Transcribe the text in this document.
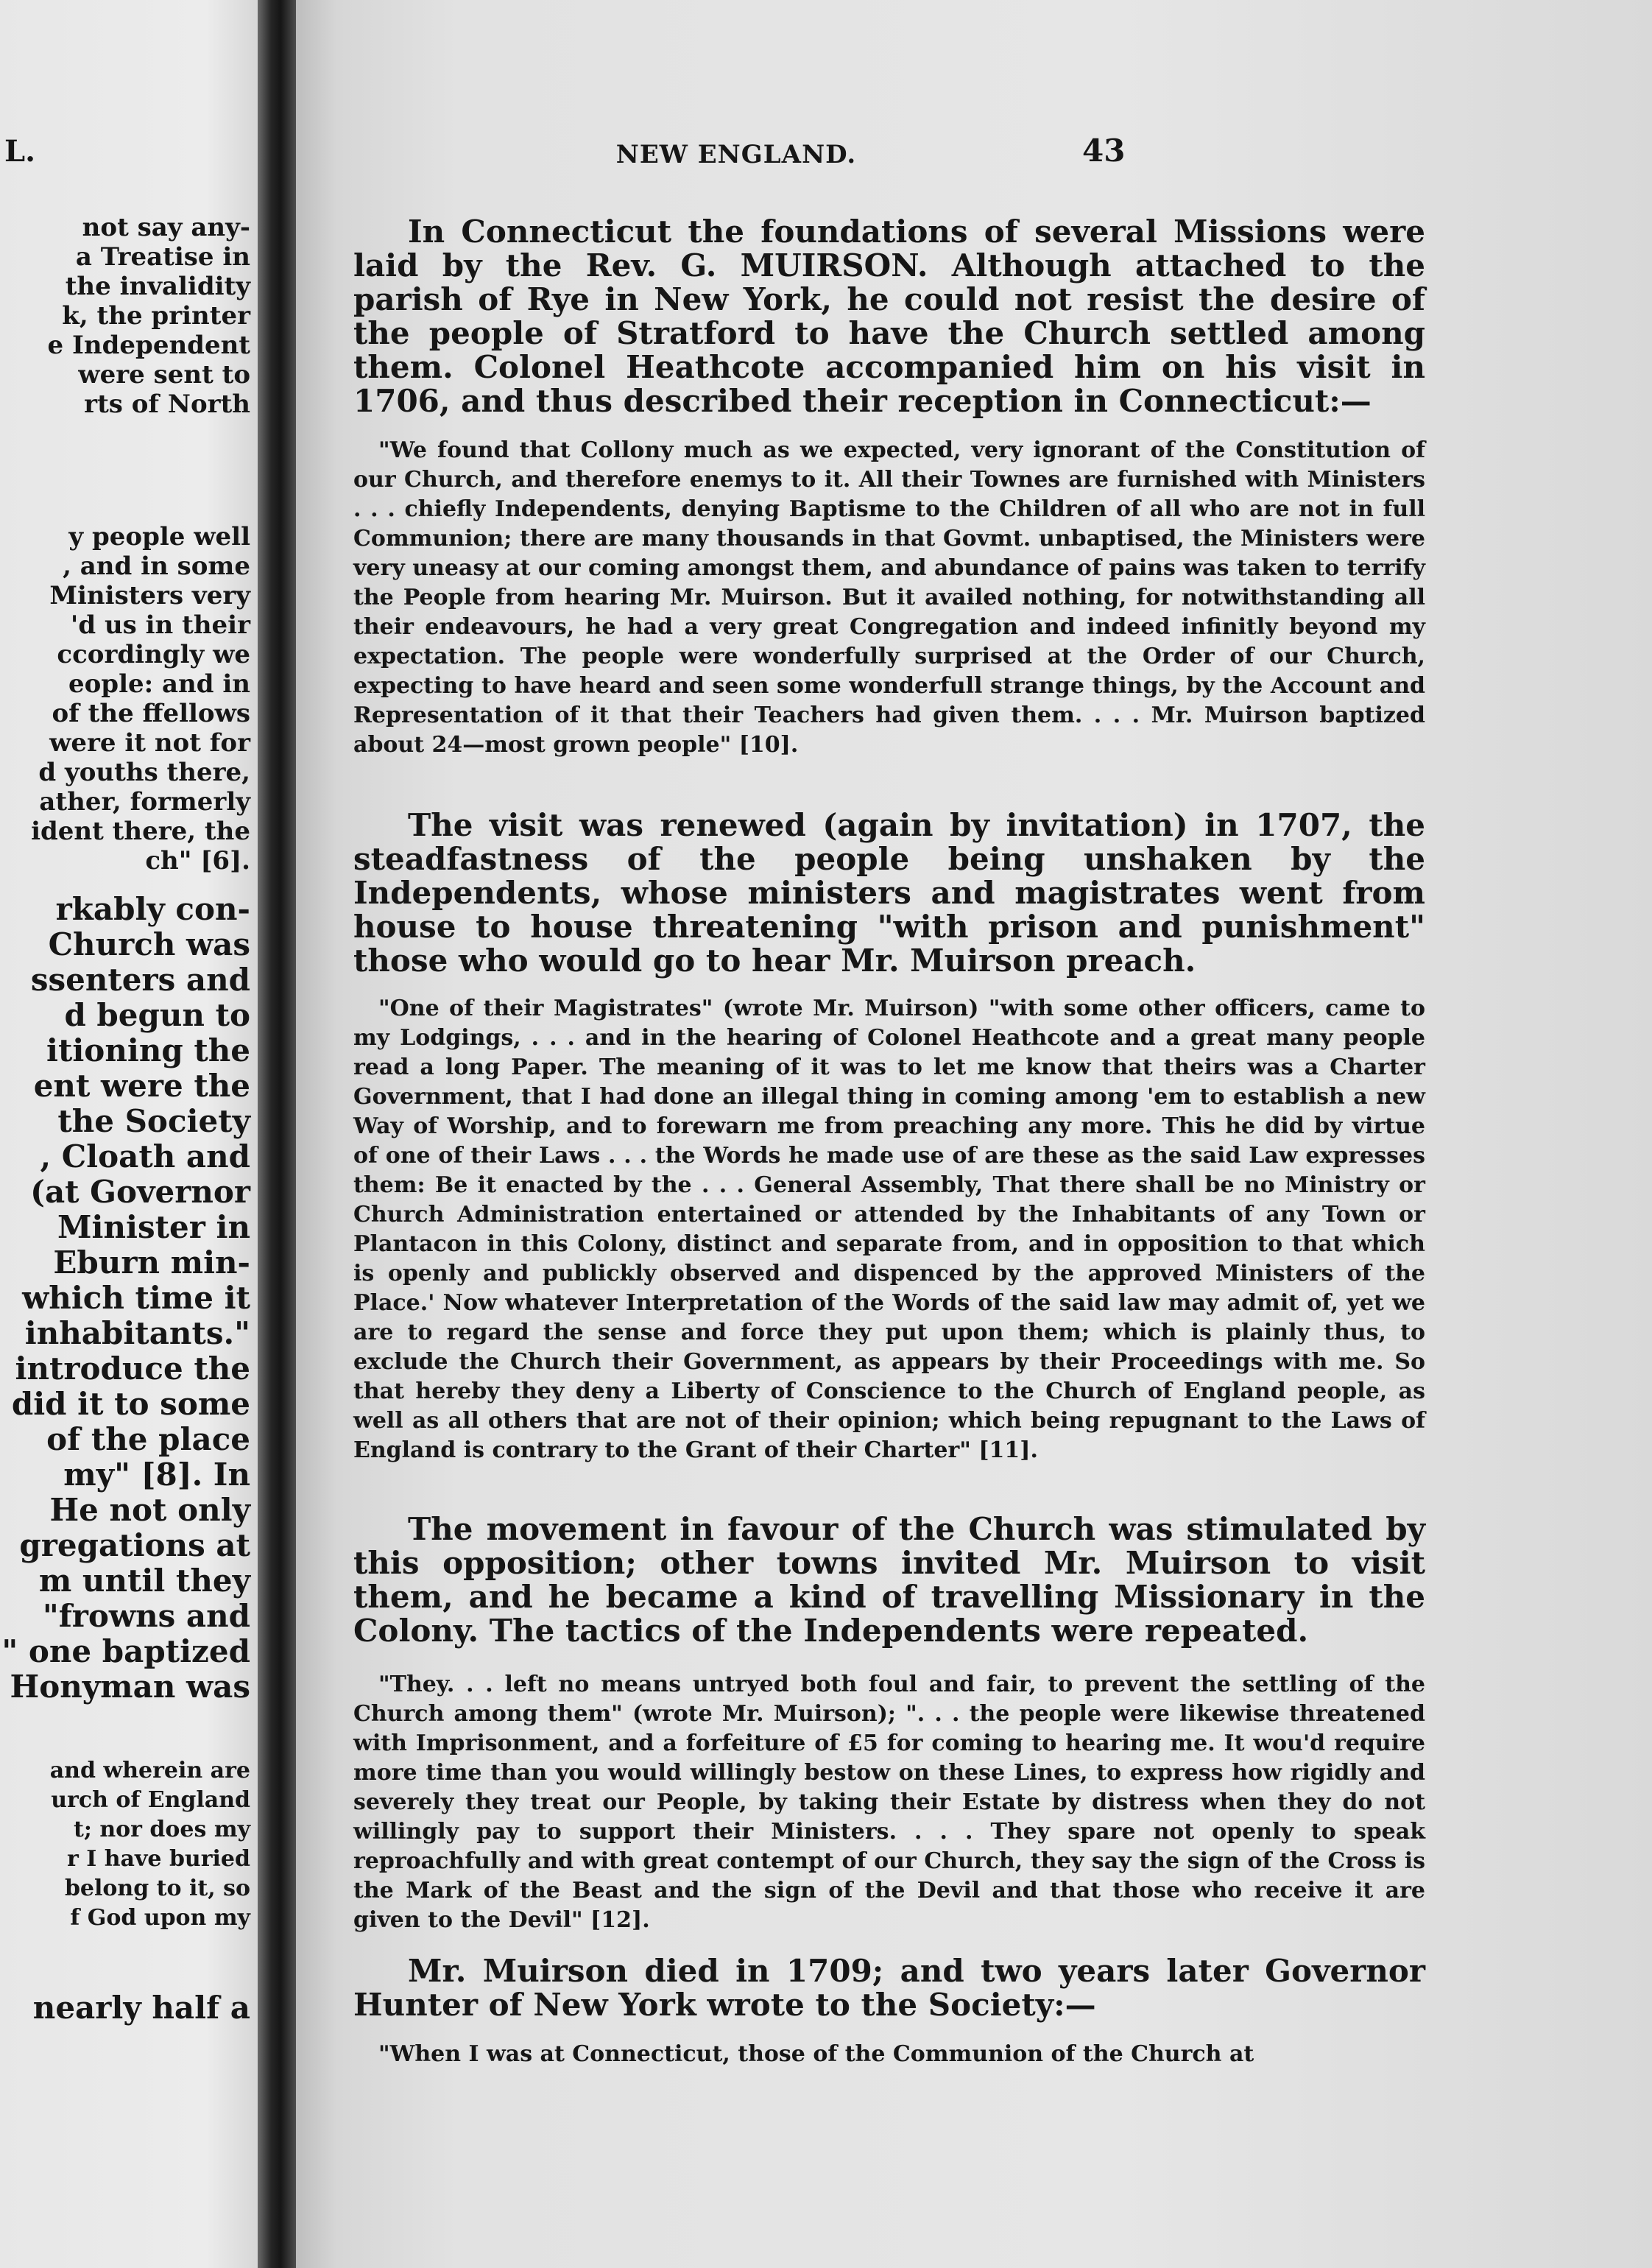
L.
not say any-
a Treatise in
the invalidity
k, the printer
e Independent
were sent to
rts of North
y people well
, and in some
Ministers very
'd us in their
ccordingly we
eople: and in
of the ffellows
were it not for
d youths there,
ather, formerly
ident there, the
ch" [6].
rkably con-
Church was
ssenters and
d begun to
itioning the
ent were the
the Society
, Cloath and
(at Governor
Minister in
Eburn min-
which time it
inhabitants."
introduce the
did it to some
of the place
my" [8]. In
He not only
gregations at
m until they
"frowns and
" one baptized
Honyman was
and wherein are
urch of England
t; nor does my
r I have buried
belong to it, so
f God upon my
nearly half a
NEW ENGLAND.	43

In Connecticut the foundations of several Missions were laid by the Rev. G. MUIRSON. Although attached to the parish of Rye in New York, he could not resist the desire of the people of Stratford to have the Church settled among them. Colonel Heathcote accompanied him on his visit in 1706, and thus described their reception in Connecticut:—

"We found that Collony much as we expected, very ignorant of the Constitution of our Church, and therefore enemys to it. All their Townes are furnished with Ministers . . . chiefly Independents, denying Baptisme to the Children of all who are not in full Communion; there are many thousands in that Govmt. unbaptised, the Ministers were very uneasy at our coming amongst them, and abundance of pains was taken to terrify the People from hearing Mr. Muirson. But it availed nothing, for notwithstanding all their endeavours, he had a very great Congregation and indeed infinitly beyond my expectation. The people were wonderfully surprised at the Order of our Church, expecting to have heard and seen some wonderfull strange things, by the Account and Representation of it that their Teachers had given them. . . . Mr. Muirson baptized about 24—most grown people" [10].

The visit was renewed (again by invitation) in 1707, the steadfastness of the people being unshaken by the Independents, whose ministers and magistrates went from house to house threatening "with prison and punishment" those who would go to hear Mr. Muirson preach.

"One of their Magistrates" (wrote Mr. Muirson) "with some other officers, came to my Lodgings, . . . and in the hearing of Colonel Heathcote and a great many people read a long Paper. The meaning of it was to let me know that theirs was a Charter Government, that I had done an illegal thing in coming among 'em to establish a new Way of Worship, and to forewarn me from preaching any more. This he did by virtue of one of their Laws . . . the Words he made use of are these as the said Law expresses them: Be it enacted by the . . . General Assembly, That there shall be no Ministry or Church Administration entertained or attended by the Inhabitants of any Town or Plantacon in this Colony, distinct and separate from, and in opposition to that which is openly and publickly observed and dispenced by the approved Ministers of the Place.' Now whatever Interpretation of the Words of the said law may admit of, yet we are to regard the sense and force they put upon them; which is plainly thus, to exclude the Church their Government, as appears by their Proceedings with me. So that hereby they deny a Liberty of Conscience to the Church of England people, as well as all others that are not of their opinion; which being repugnant to the Laws of England is contrary to the Grant of their Charter" [11].

The movement in favour of the Church was stimulated by this opposition; other towns invited Mr. Muirson to visit them, and he became a kind of travelling Missionary in the Colony. The tactics of the Independents were repeated.

"They. . . left no means untryed both foul and fair, to prevent the settling of the Church among them" (wrote Mr. Muirson); ". . . the people were likewise threatened with Imprisonment, and a forfeiture of £5 for coming to hearing me. It wou'd require more time than you would willingly bestow on these Lines, to express how rigidly and severely they treat our People, by taking their Estate by distress when they do not willingly pay to support their Ministers. . . . They spare not openly to speak reproachfully and with great contempt of our Church, they say the sign of the Cross is the Mark of the Beast and the sign of the Devil and that those who receive it are given to the Devil" [12].

Mr. Muirson died in 1709; and two years later Governor Hunter of New York wrote to the Society:—

"When I was at Connecticut, those of the Communion of the Church at
